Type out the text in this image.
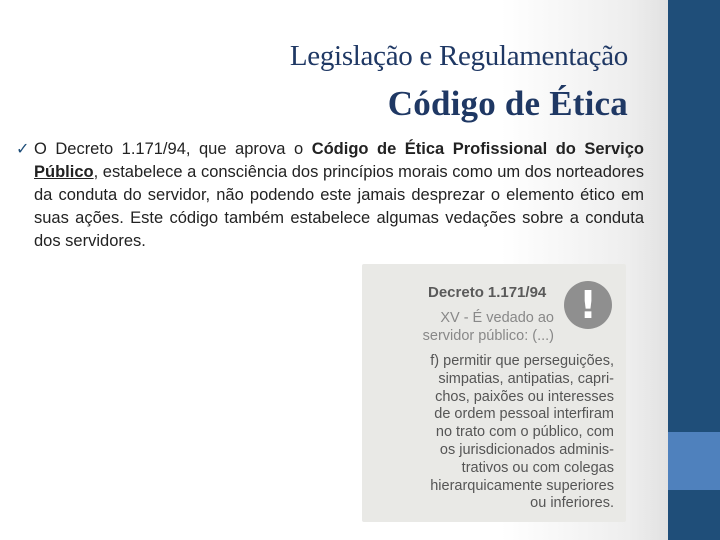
Legislação e Regulamentação
Código de Ética
✓ O Decreto 1.171/94, que aprova o Código de Ética Profissional do Serviço Público, estabelece a consciência dos princípios morais como um dos norteadores da conduta do servidor, não podendo este jamais desprezar o elemento ético em suas ações. Este código também estabelece algumas vedações sobre a conduta dos servidores.

Decreto 1.171/94 !
XV - É vedado ao
servidor público: (...)
f) permitir que perseguições,
simpatias, antipatias, capri-
chos, paixões ou interesses
de ordem pessoal interfiram
no trato com o público, com
os jurisdicionados adminis-
trativos ou com colegas
hierarquicamente superiores
ou inferiores.
